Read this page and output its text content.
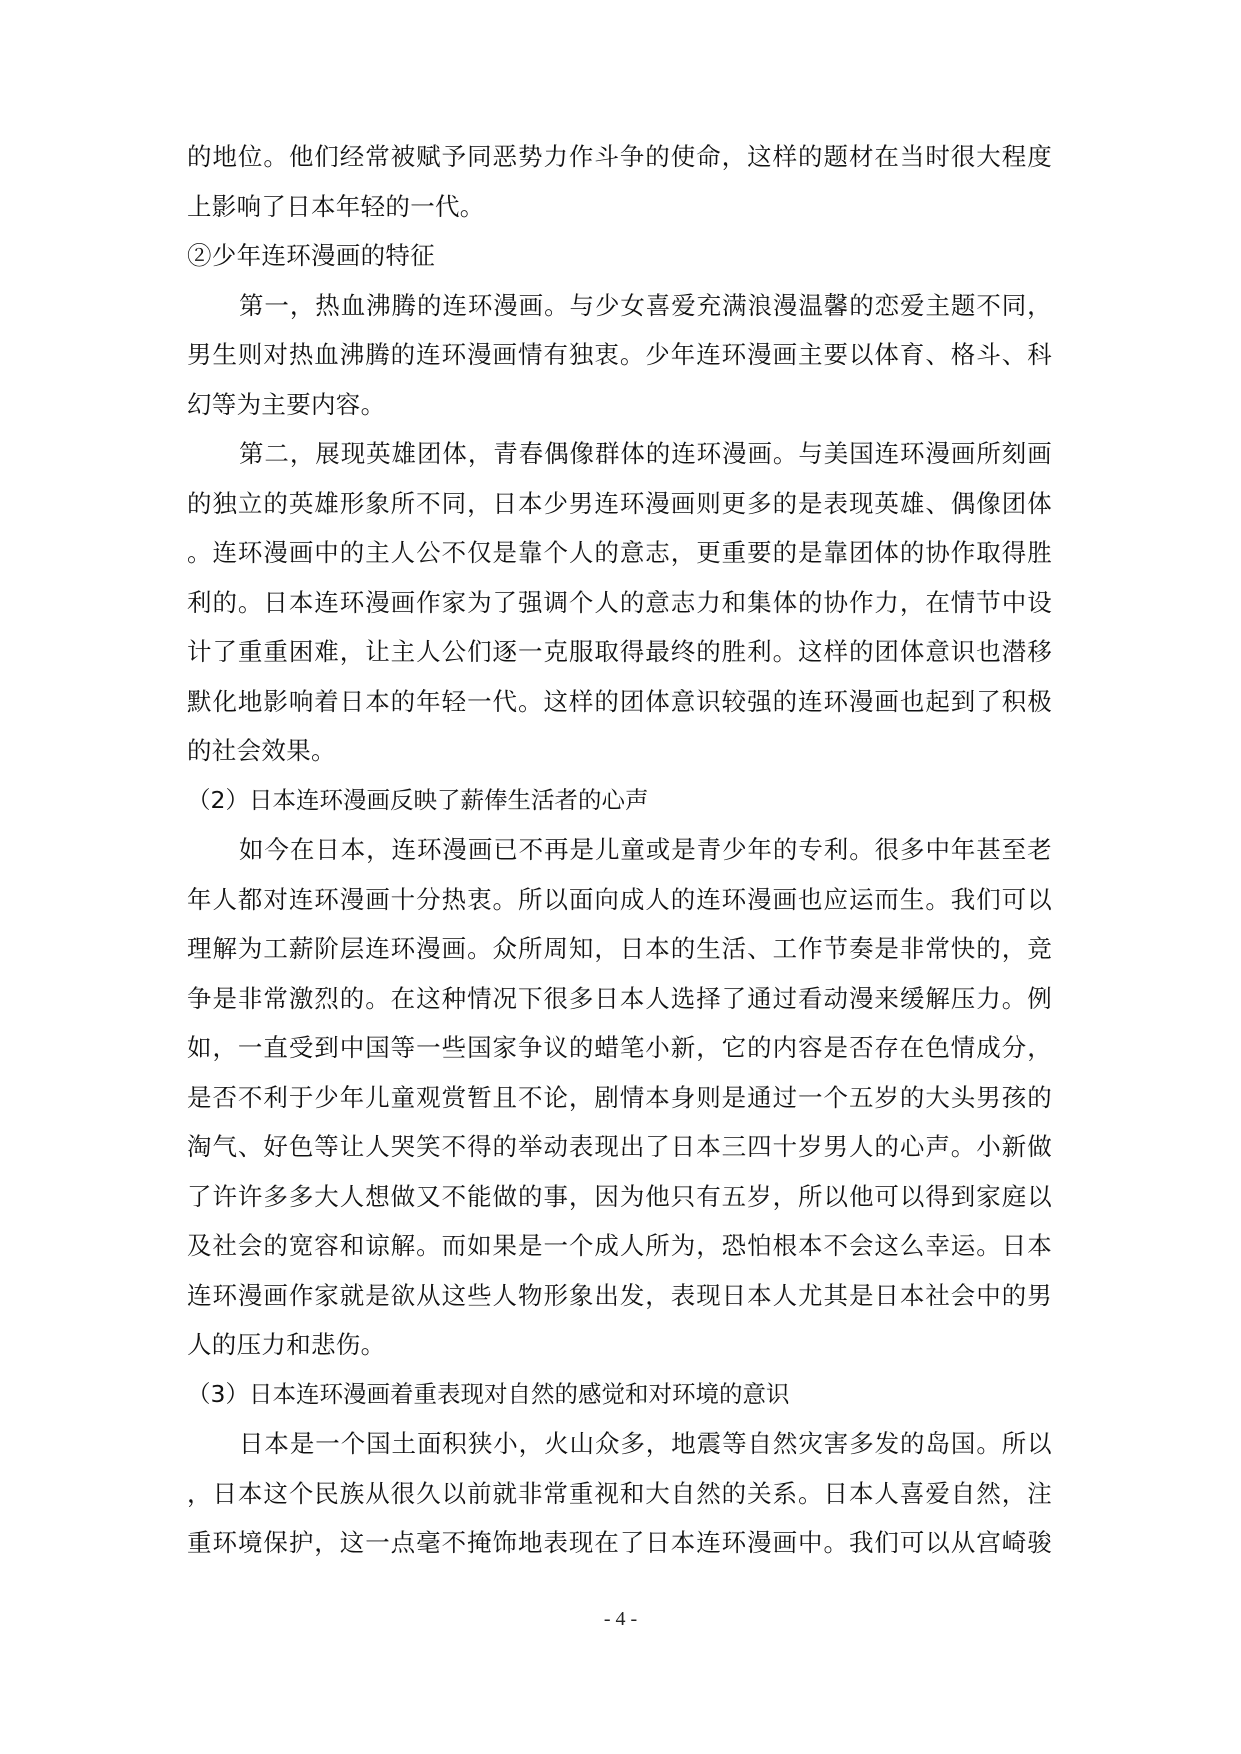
的地位。他们经常被赋予同恶势力作斗争的使命，这样的题材在当时很大程度
上影响了日本年轻的一代。
②少年连环漫画的特征
第一，热血沸腾的连环漫画。与少女喜爱充满浪漫温馨的恋爱主题不同，
男生则对热血沸腾的连环漫画情有独衷。少年连环漫画主要以体育、格斗、科
幻等为主要内容。
第二，展现英雄团体，青春偶像群体的连环漫画。与美国连环漫画所刻画
的独立的英雄形象所不同，日本少男连环漫画则更多的是表现英雄、偶像团体
。连环漫画中的主人公不仅是靠个人的意志，更重要的是靠团体的协作取得胜
利的。日本连环漫画作家为了强调个人的意志力和集体的协作力，在情节中设
计了重重困难，让主人公们逐一克服取得最终的胜利。这样的团体意识也潜移
默化地影响着日本的年轻一代。这样的团体意识较强的连环漫画也起到了积极
的社会效果。
（2）日本连环漫画反映了薪俸生活者的心声
如今在日本，连环漫画已不再是儿童或是青少年的专利。很多中年甚至老
年人都对连环漫画十分热衷。所以面向成人的连环漫画也应运而生。我们可以
理解为工薪阶层连环漫画。众所周知，日本的生活、工作节奏是非常快的，竞
争是非常激烈的。在这种情况下很多日本人选择了通过看动漫来缓解压力。例
如，一直受到中国等一些国家争议的蜡笔小新，它的内容是否存在色情成分，
是否不利于少年儿童观赏暂且不论，剧情本身则是通过一个五岁的大头男孩的
淘气、好色等让人哭笑不得的举动表现出了日本三四十岁男人的心声。小新做
了许许多多大人想做又不能做的事，因为他只有五岁，所以他可以得到家庭以
及社会的宽容和谅解。而如果是一个成人所为，恐怕根本不会这么幸运。日本
连环漫画作家就是欲从这些人物形象出发，表现日本人尤其是日本社会中的男
人的压力和悲伤。
（3）日本连环漫画着重表现对自然的感觉和对环境的意识
日本是一个国土面积狭小，火山众多，地震等自然灾害多发的岛国。所以
，日本这个民族从很久以前就非常重视和大自然的关系。日本人喜爱自然，注
重环境保护，这一点毫不掩饰地表现在了日本连环漫画中。我们可以从宫崎骏
- 4 -
